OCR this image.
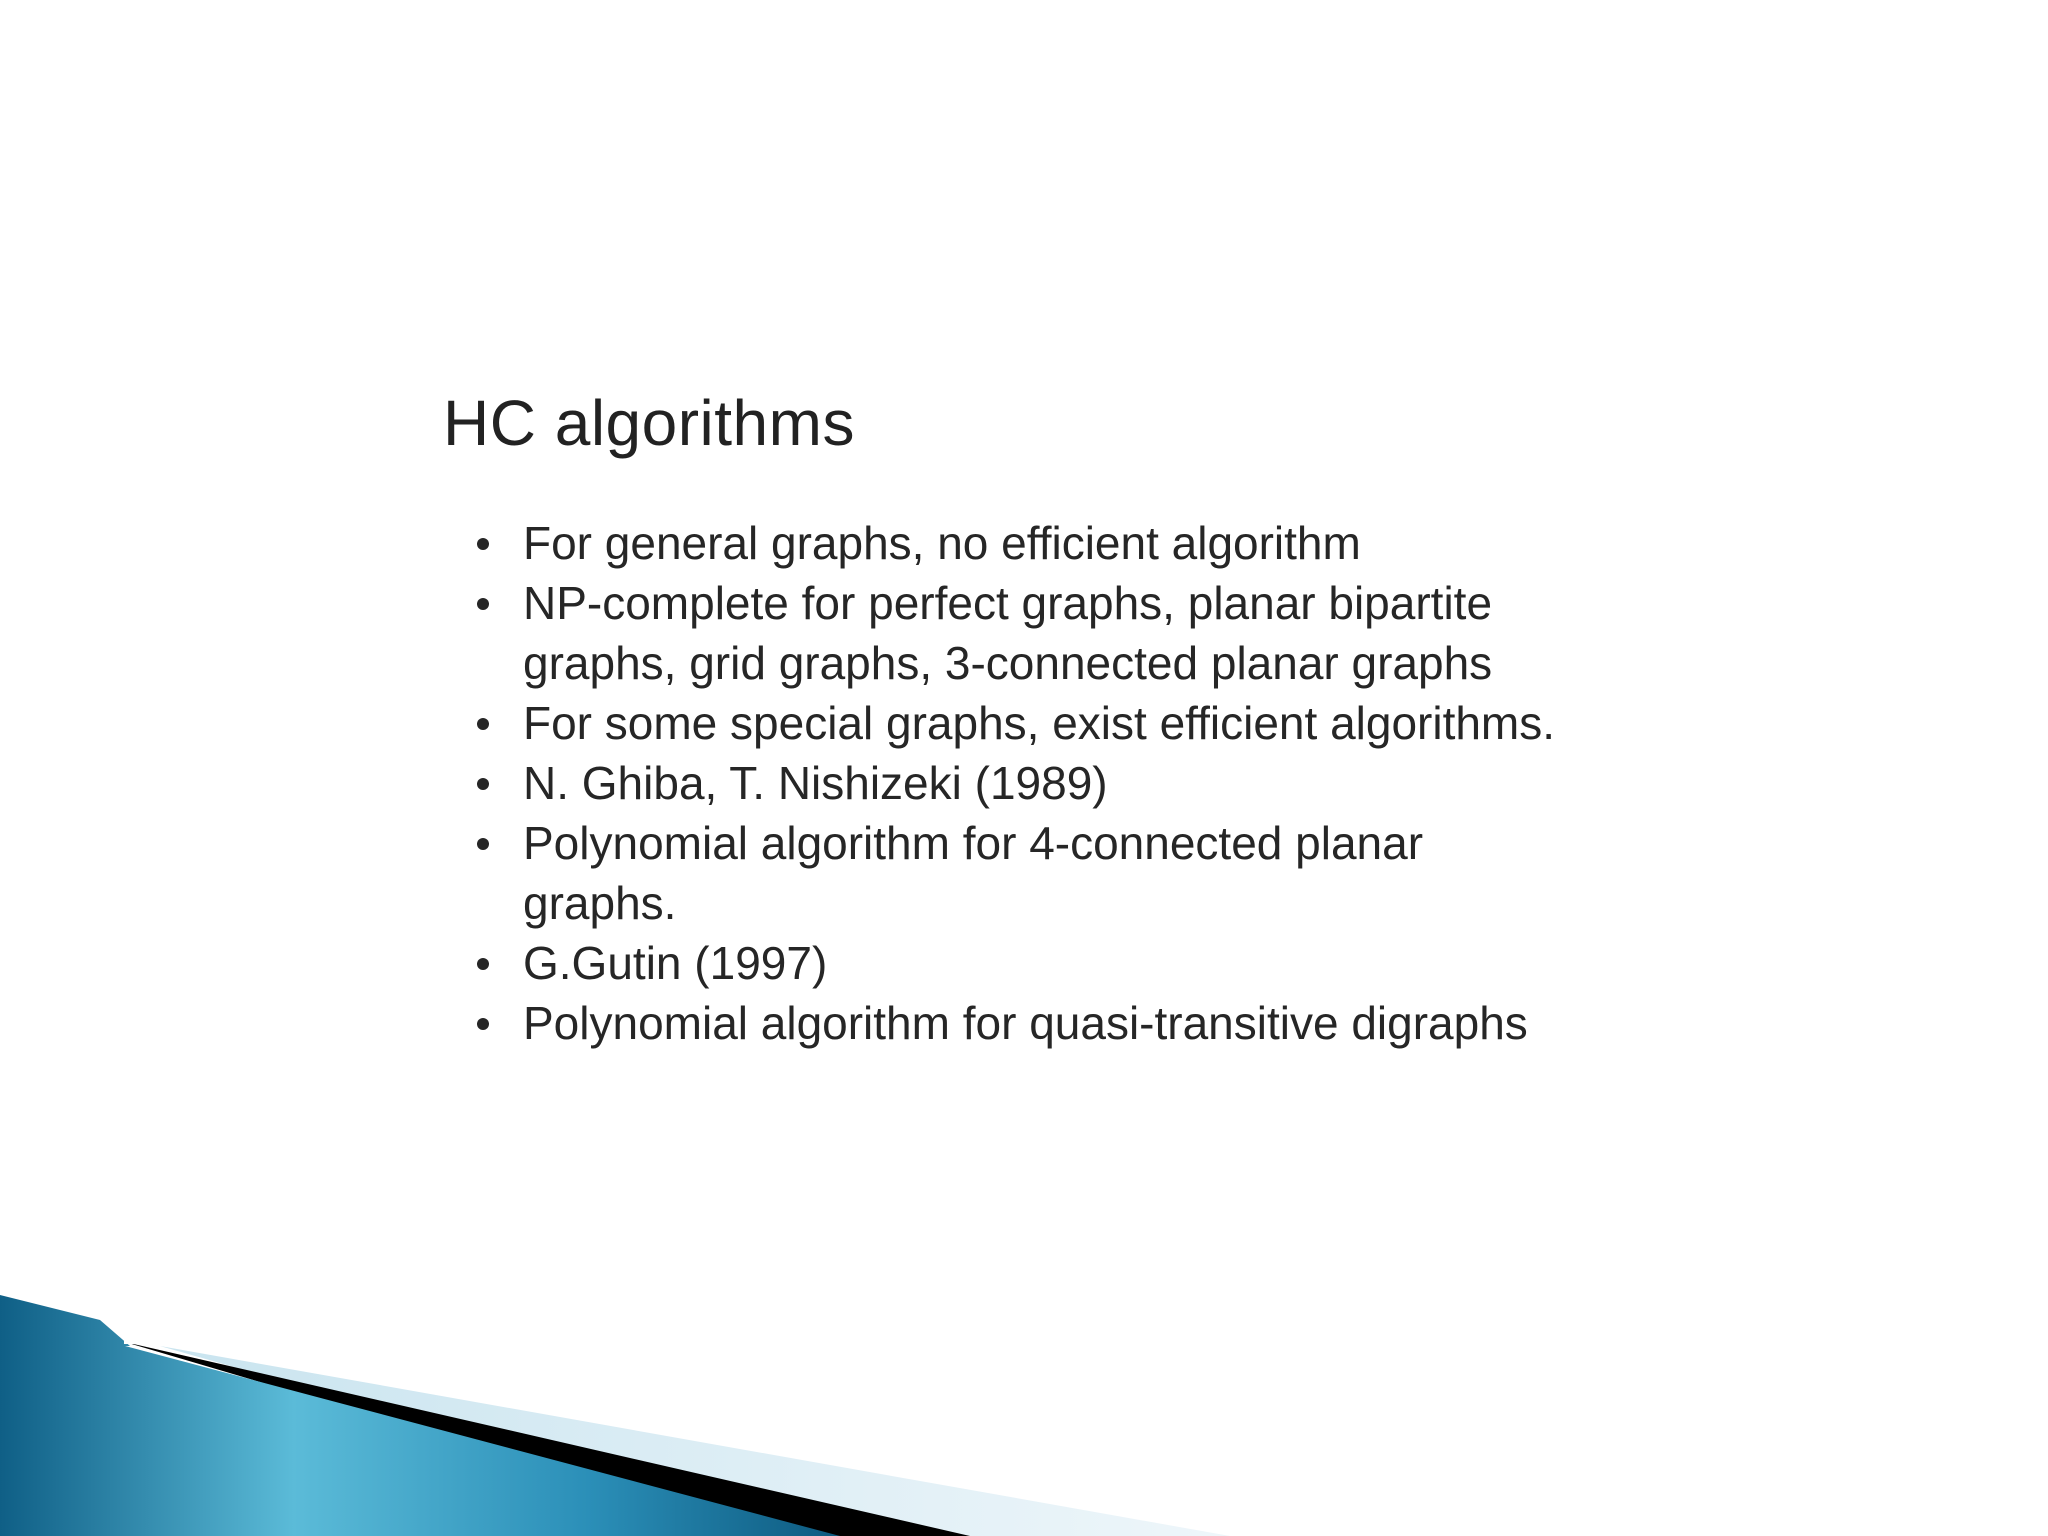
HC algorithms
For general graphs, no efficient algorithm
NP-complete for perfect graphs, planar bipartite graphs, grid graphs, 3-connected planar graphs
For some special graphs, exist efficient algorithms.
N. Ghiba, T. Nishizeki (1989)
Polynomial algorithm for 4-connected planar graphs.
G.Gutin (1997)
Polynomial algorithm for quasi-transitive digraphs
